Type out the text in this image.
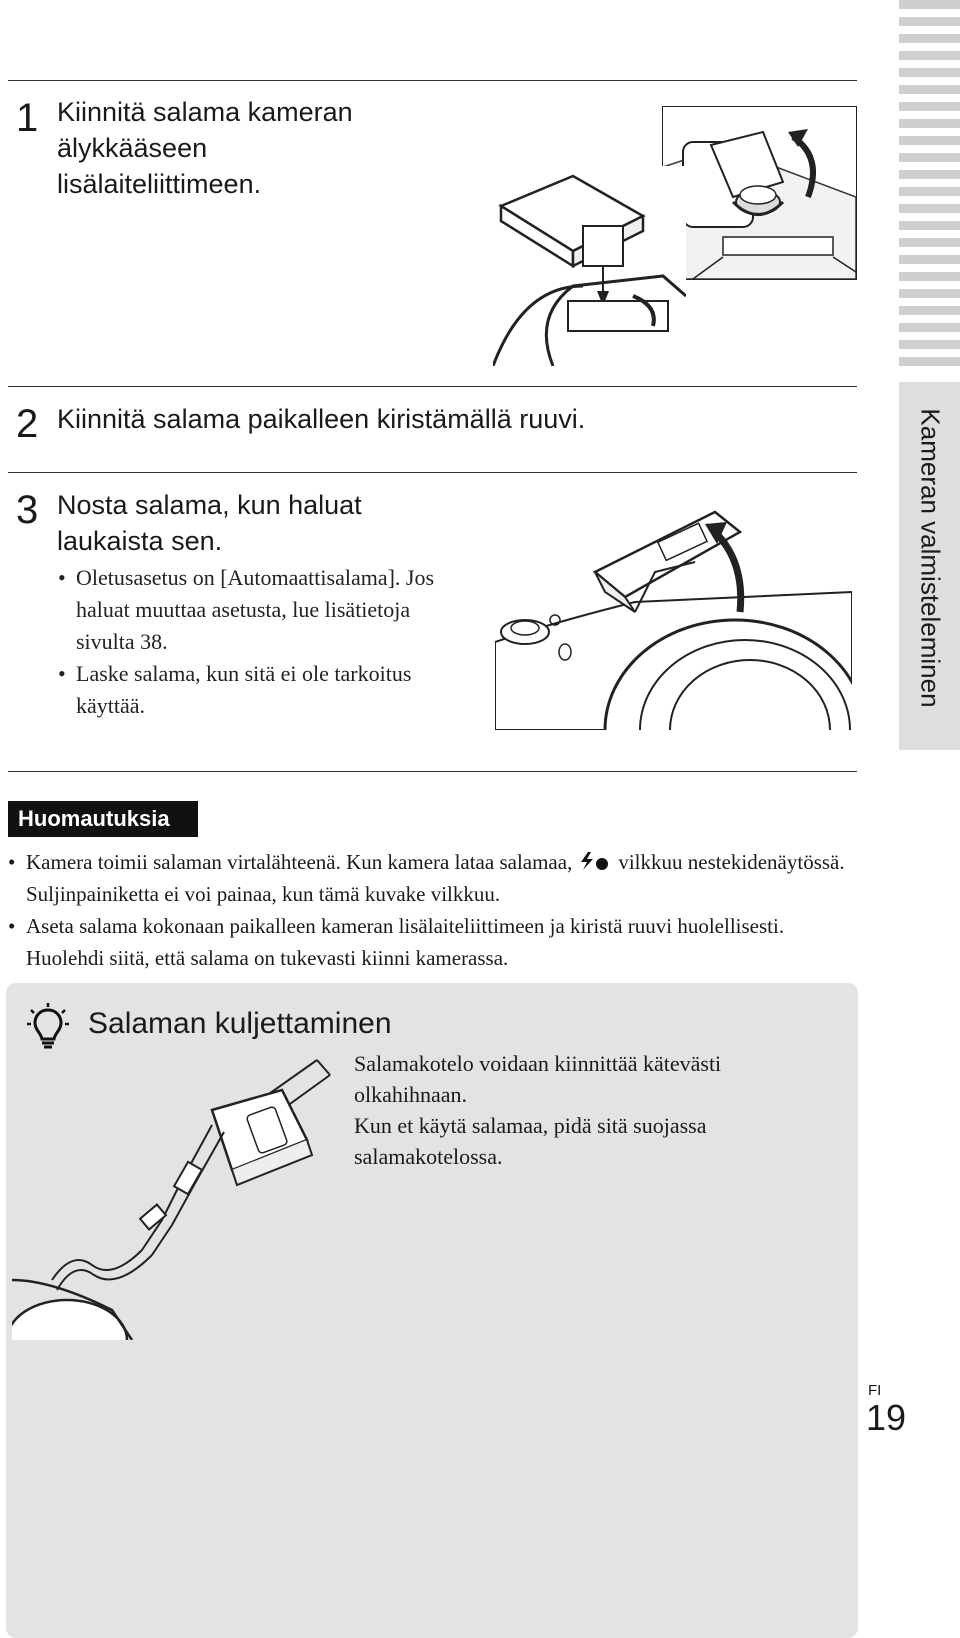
Kameran valmisteleminen
1 Kiinnitä salama kameran älykkääseen lisälaiteliittimeen.
2 Kiinnitä salama paikalleen kiristämällä ruuvi.
3 Nosta salama, kun haluat laukaista sen.
• Oletusasetus on [Automaattisalama]. Jos haluat muuttaa asetusta, lue lisätietoja sivulta 38.
• Laske salama, kun sitä ei ole tarkoitus käyttää.
Huomautuksia
• Kamera toimii salaman virtalähteenä. Kun kamera lataa salamaa, vilkkuu nestekidenäytössä. Suljinpainiketta ei voi painaa, kun tämä kuvake vilkkuu.
• Aseta salama kokonaan paikalleen kameran lisälaiteliittimeen ja kiristä ruuvi huolellisesti. Huolehdi siitä, että salama on tukevasti kiinni kamerassa.
Salaman kuljettaminen
Salamakotelo voidaan kiinnittää kätevästi olkahihnaan.
Kun et käytä salamaa, pidä sitä suojassa salamakotelossa.
FI
19
